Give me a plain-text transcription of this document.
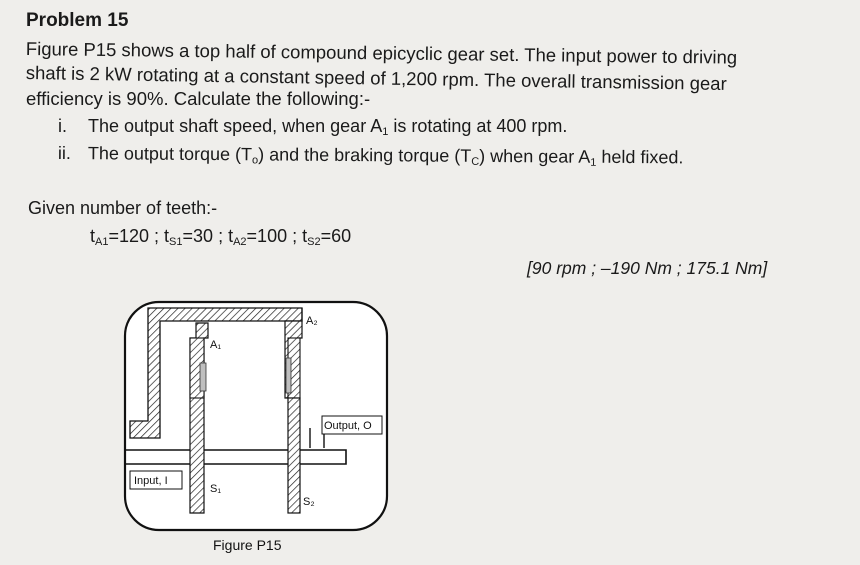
Problem 15
Figure P15 shows a top half of compound epicyclic gear set. The input power to driving
shaft is 2 kW rotating at a constant speed of 1,200 rpm. The overall transmission gear
efficiency is 90%. Calculate the following:-
i. The output shaft speed, when gear $A_1$ is rotating at 400 rpm.
ii. The output torque $(T_o)$ and the braking torque $(T_C)$ when gear $A_1$ held fixed.
Given number of teeth:-
$t_{A1}=120$ ; $t_{S1}=30$ ; $t_{A2}=100$ ; $t_{S2}=60$
[90 rpm ; –190 Nm ; 175.1 Nm]
A₁
A₂
S₁
S₂
Input, I
Output, O
Figure P15
